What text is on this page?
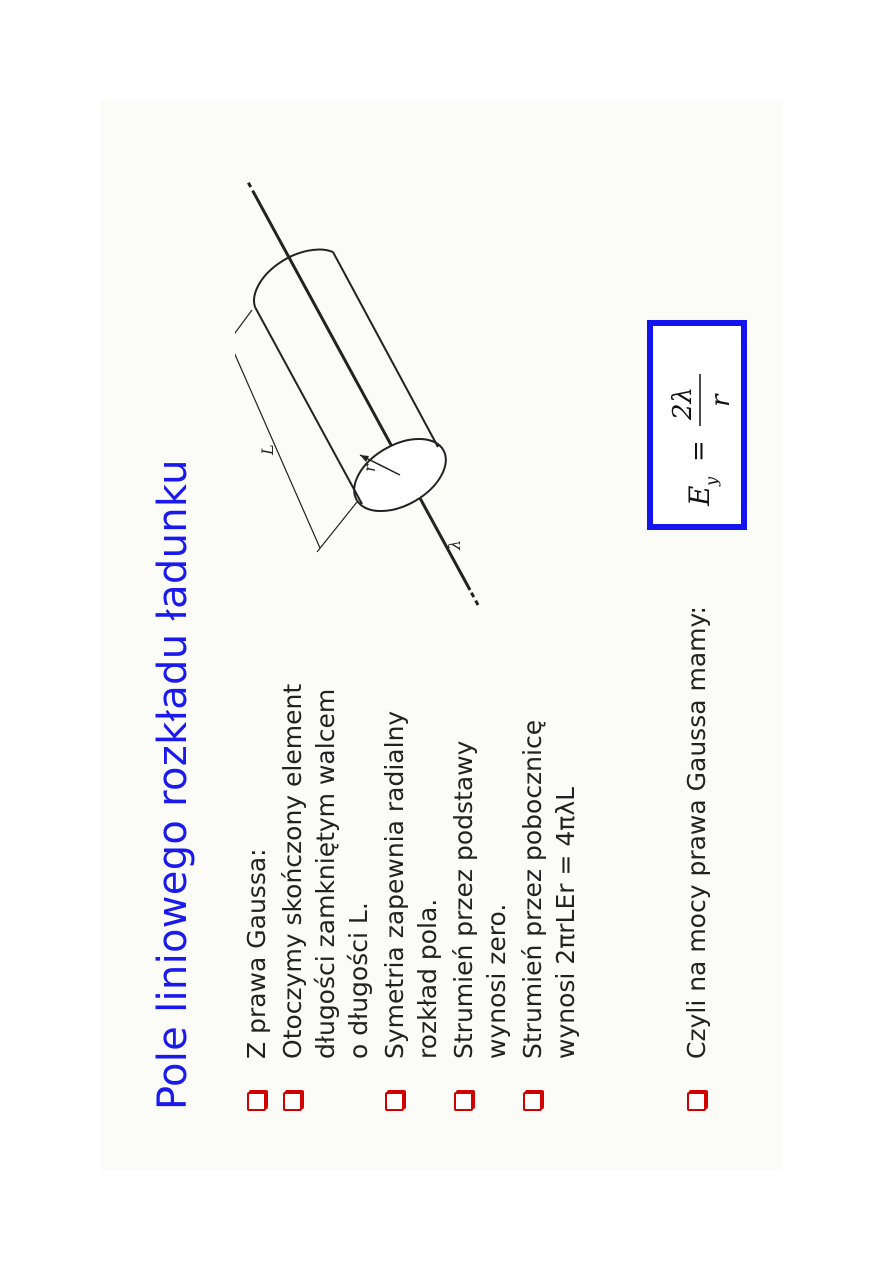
Pole liniowego rozkładu ładunku Z prawa Gaussa: Otoczymy skończony element długości zamkniętym walcem o długości L. Symetria zapewnia radialny rozkład pola. Strumień przez podstawy wynosi zero. Strumień przez pobocznicę wynosi 2πrLEr = 4πλL
r
L
λ
Czyli na mocy prawa Gaussa mamy:
E
y
=
2λ r
